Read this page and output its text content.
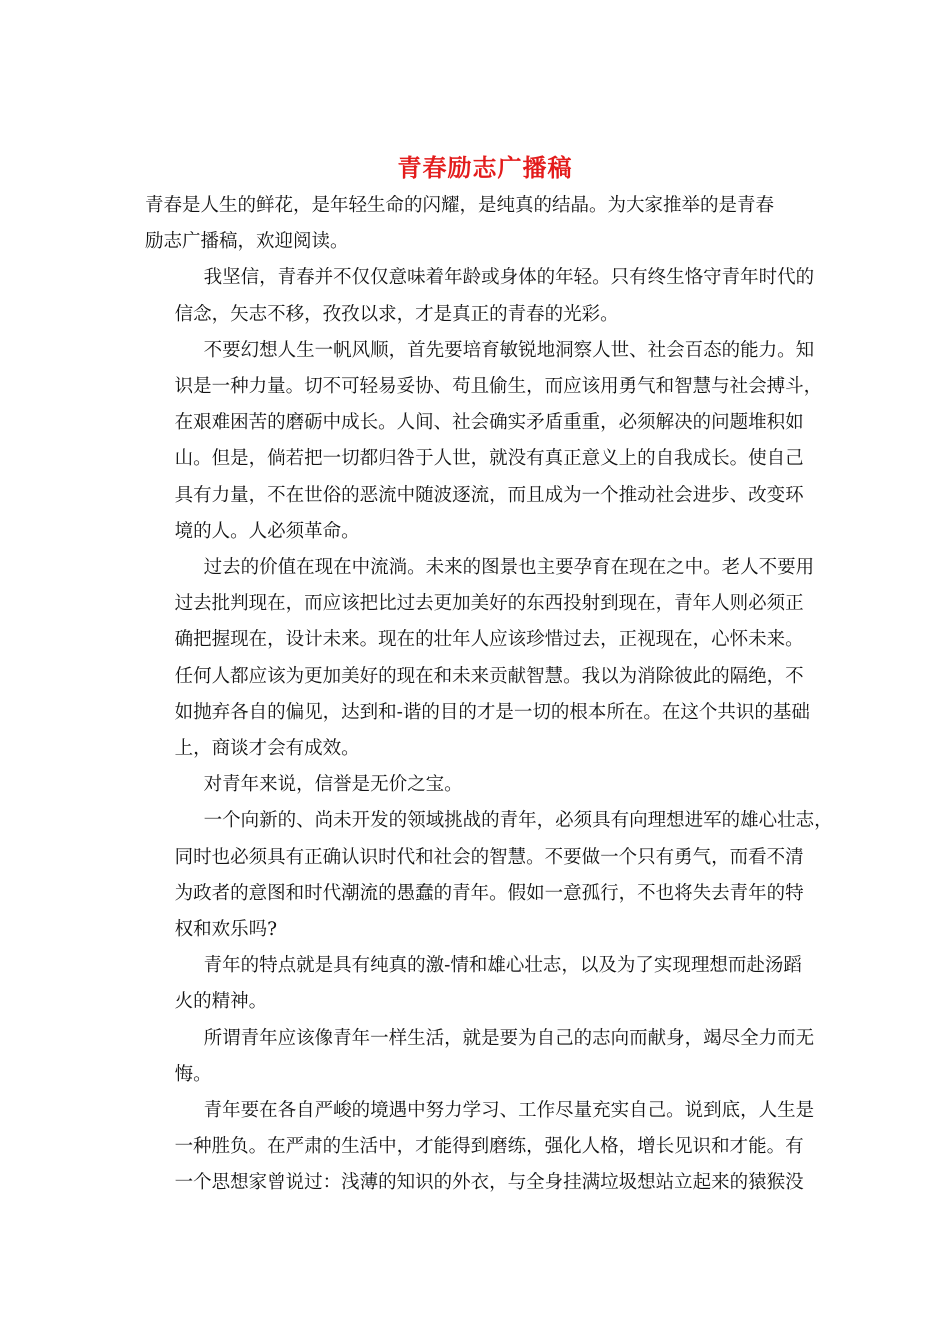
青春励志广播稿
青春是人生的鲜花，是年轻生命的闪耀，是纯真的结晶。为大家推举的是青春
励志广播稿，欢迎阅读。
我坚信，青春并不仅仅意味着年龄或身体的年轻。只有终生恪守青年时代的
信念，矢志不移，孜孜以求，才是真正的青春的光彩。
不要幻想人生一帆风顺，首先要培育敏锐地洞察人世、社会百态的能力。知
识是一种力量。切不可轻易妥协、苟且偷生，而应该用勇气和智慧与社会搏斗，
在艰难困苦的磨砺中成长。人间、社会确实矛盾重重，必须解决的问题堆积如
山。但是，倘若把一切都归咎于人世，就没有真正意义上的自我成长。使自己
具有力量，不在世俗的恶流中随波逐流，而且成为一个推动社会进步、改变环
境的人。人必须革命。
过去的价值在现在中流淌。未来的图景也主要孕育在现在之中。老人不要用
过去批判现在，而应该把比过去更加美好的东西投射到现在，青年人则必须正
确把握现在，设计未来。现在的壮年人应该珍惜过去，正视现在，心怀未来。
任何人都应该为更加美好的现在和未来贡献智慧。我以为消除彼此的隔绝，不
如抛弃各自的偏见，达到和-谐的目的才是一切的根本所在。在这个共识的基础
上，商谈才会有成效。
对青年来说，信誉是无价之宝。
一个向新的、尚未开发的领域挑战的青年，必须具有向理想进军的雄心壮志，
同时也必须具有正确认识时代和社会的智慧。不要做一个只有勇气，而看不清
为政者的意图和时代潮流的愚蠢的青年。假如一意孤行，不也将失去青年的特
权和欢乐吗?
青年的特点就是具有纯真的激-情和雄心壮志，以及为了实现理想而赴汤蹈
火的精神。
所谓青年应该像青年一样生活，就是要为自己的志向而献身，竭尽全力而无
悔。
青年要在各自严峻的境遇中努力学习、工作尽量充实自己。说到底，人生是
一种胜负。在严肃的生活中，才能得到磨练，强化人格，增长见识和才能。有
一个思想家曾说过：浅薄的知识的外衣，与全身挂满垃圾想站立起来的猿猴没
